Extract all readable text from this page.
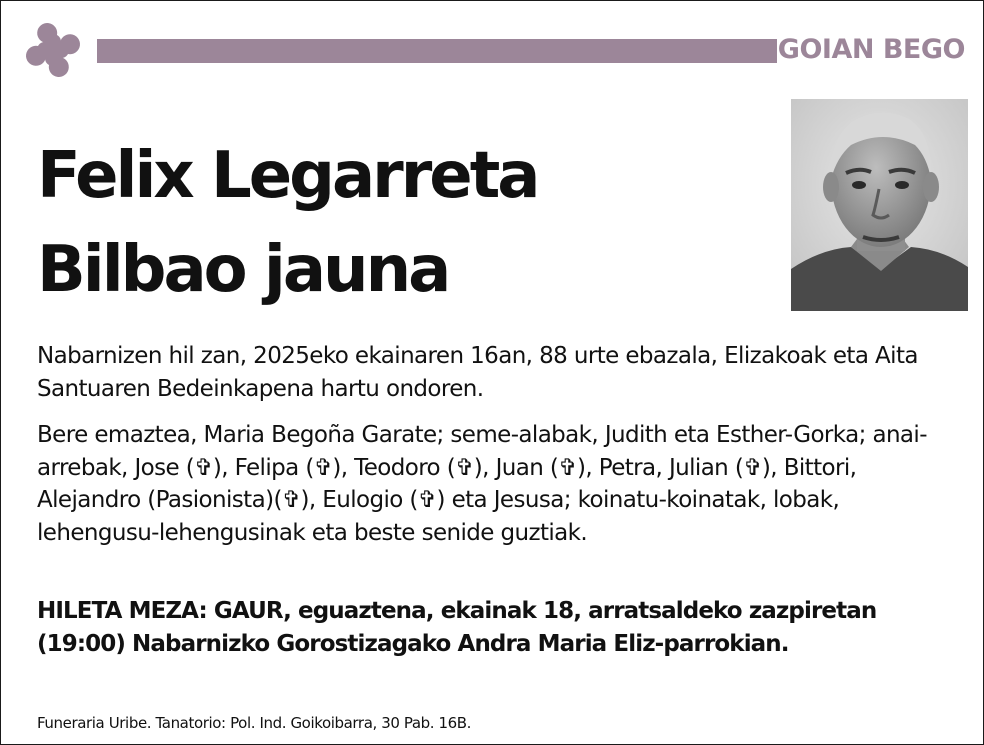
GOIAN BEGO
Felix Legarreta
Bilbao jauna

Nabarnizen hil zan, 2025eko ekainaren 16an, 88 urte ebazala, Elizakoak eta Aita Santuaren Bedeinkapena hartu ondoren.

Bere emaztea, Maria Begoña Garate; seme-alabak, Judith eta Esther-Gorka; anai-arrebak, Jose (✞), Felipa (✞), Teodoro (✞), Juan (✞), Petra, Julian (✞), Bittori, Alejandro (Pasionista)(✞), Eulogio (✞) eta Jesusa; koinatu-koinatak, lobak, lehengusu-lehengusinak eta beste senide guztiak.

HILETA MEZA: GAUR, eguaztena, ekainak 18, arratsaldeko zazpiretan (19:00) Nabarnizko Gorostizagako Andra Maria Eliz-parrokian.

Funeraria Uribe. Tanatorio: Pol. Ind. Goikoibarra, 30 Pab. 16B.
